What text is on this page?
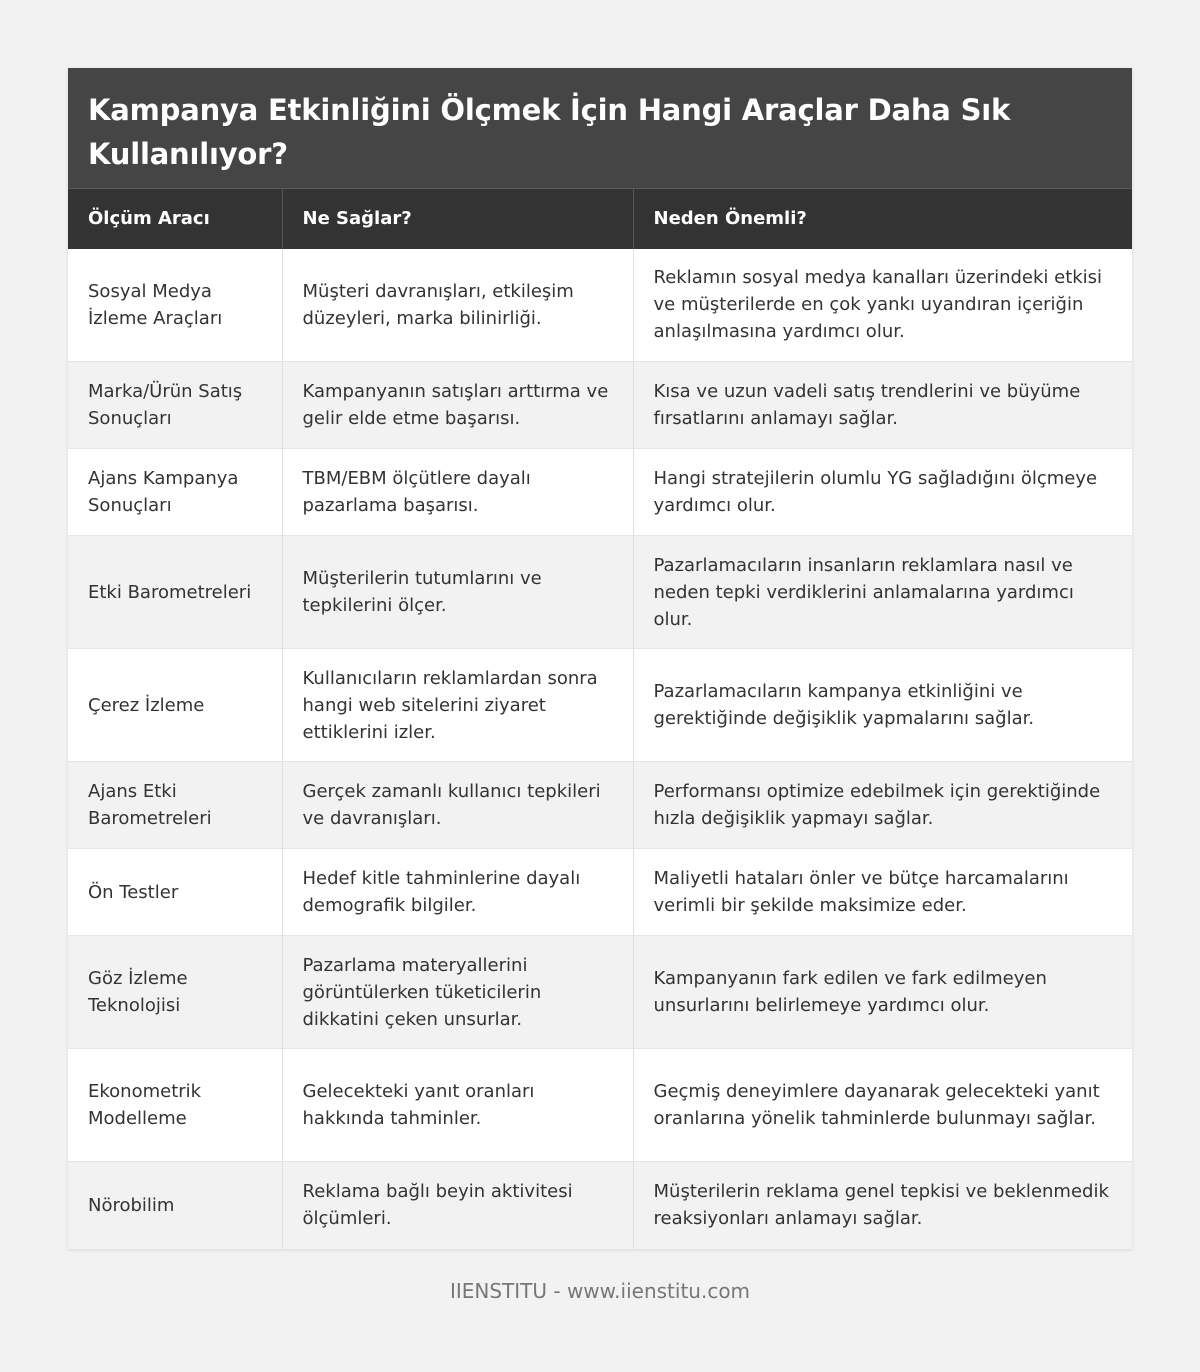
Kampanya Etkinliğini Ölçmek İçin Hangi Araçlar Daha Sık Kullanılıyor?
Ölçüm Aracı	Ne Sağlar?	Neden Önemli?
Sosyal Medya İzleme Araçları	Müşteri davranışları, etkileşim düzeyleri, marka bilinirliği.	Reklamın sosyal medya kanalları üzerindeki etkisi ve müşterilerde en çok yankı uyandıran içeriğin anlaşılmasına yardımcı olur.
Marka/Ürün Satış Sonuçları	Kampanyanın satışları arttırma ve gelir elde etme başarısı.	Kısa ve uzun vadeli satış trendlerini ve büyüme fırsatlarını anlamayı sağlar.
Ajans Kampanya Sonuçları	TBM/EBM ölçütlere dayalı pazarlama başarısı.	Hangi stratejilerin olumlu YG sağladığını ölçmeye yardımcı olur.
Etki Barometreleri	Müşterilerin tutumlarını ve tepkilerini ölçer.	Pazarlamacıların insanların reklamlara nasıl ve neden tepki verdiklerini anlamalarına yardımcı olur.
Çerez İzleme	Kullanıcıların reklamlardan sonra hangi web sitelerini ziyaret ettiklerini izler.	Pazarlamacıların kampanya etkinliğini ve gerektiğinde değişiklik yapmalarını sağlar.
Ajans Etki Barometreleri	Gerçek zamanlı kullanıcı tepkileri ve davranışları.	Performansı optimize edebilmek için gerektiğinde hızla değişiklik yapmayı sağlar.
Ön Testler	Hedef kitle tahminlerine dayalı demografik bilgiler.	Maliyetli hataları önler ve bütçe harcamalarını verimli bir şekilde maksimize eder.
Göz İzleme Teknolojisi	Pazarlama materyallerini görüntülerken tüketicilerin dikkatini çeken unsurlar.	Kampanyanın fark edilen ve fark edilmeyen unsurlarını belirlemeye yardımcı olur.
Ekonometrik Modelleme	Gelecekteki yanıt oranları hakkında tahminler.	Geçmiş deneyimlere dayanarak gelecekteki yanıt oranlarına yönelik tahminlerde bulunmayı sağlar.
Nörobilim	Reklama bağlı beyin aktivitesi ölçümleri.	Müşterilerin reklama genel tepkisi ve beklenmedik reaksiyonları anlamayı sağlar.
IIENSTITU - www.iienstitu.com
